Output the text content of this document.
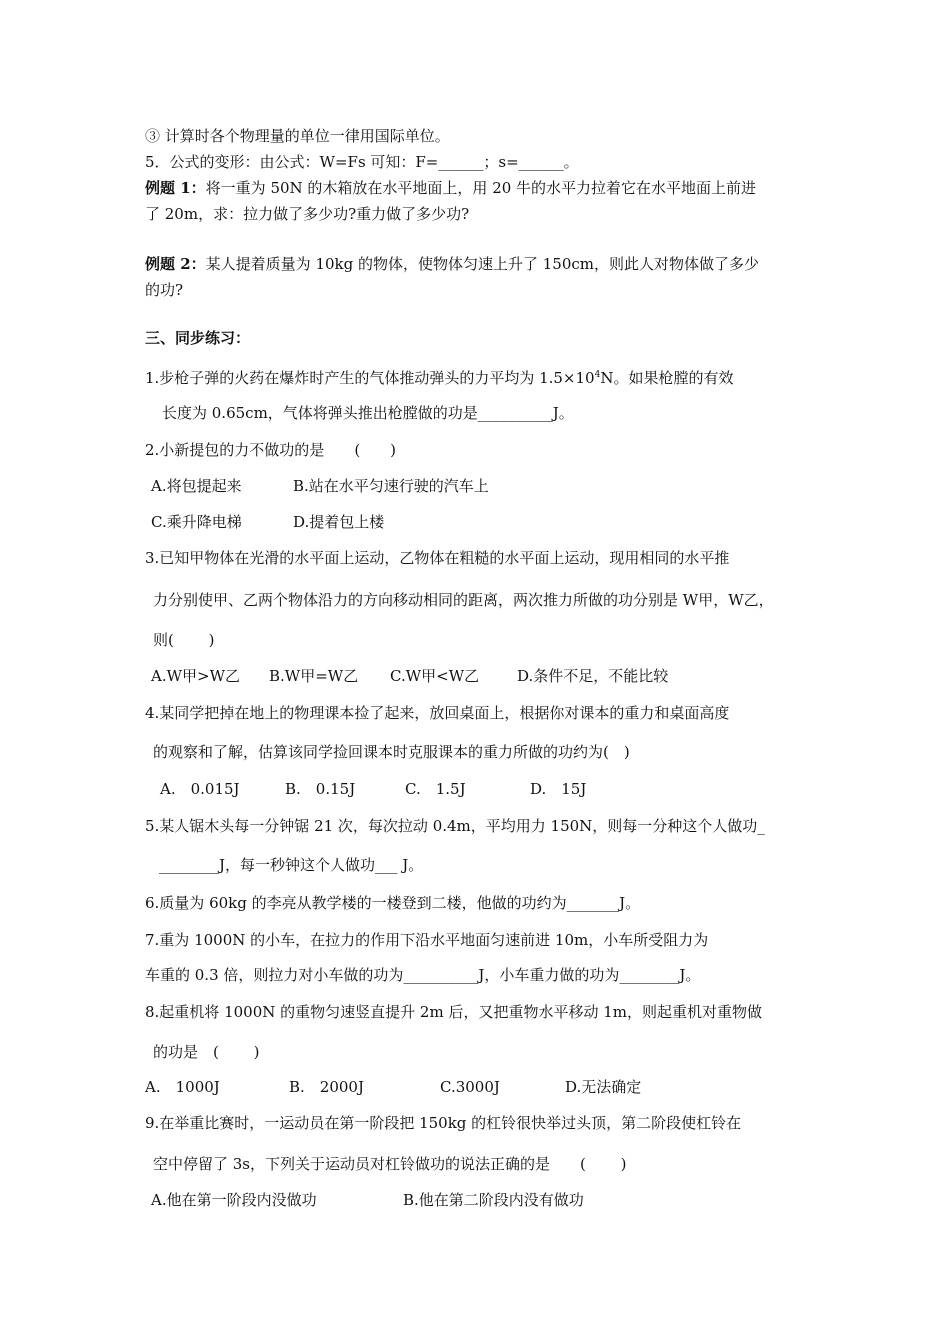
③ 计算时各个物理量的单位一律用国际单位。
5．公式的变形：由公式：W=Fs 可知：F=______；s=______。
例题 1：将一重为 50N 的木箱放在水平地面上，用 20 牛的水平力拉着它在水平地面上前进
了 20m，求：拉力做了多少功?重力做了多少功?
例题 2：某人提着质量为 10kg 的物体，使物体匀速上升了 150cm，则此人对物体做了多少
的功?
三、同步练习：
1.步枪子弹的火药在爆炸时产生的气体推动弹头的力平均为 $1.5\times 10^4N$。如果枪膛的有效
长度为 0.65cm，气体将弹头推出枪膛做的功是__________J。
2.小新提包的力不做功的是　　(　　)
A.将包提起来	B.站在水平匀速行驶的汽车上
C.乘升降电梯	D.提着包上楼
3.已知甲物体在光滑的水平面上运动，乙物体在粗糙的水平面上运动，现用相同的水平推
力分别使甲、乙两个物体沿力的方向移动相同的距离，两次推力所做的功分别是 W甲，W乙，
则(　　 )
A.W甲>W乙 B.W甲=W乙 C.W甲<W乙	D.条件不足，不能比较
4.某同学把掉在地上的物理课本捡了起来，放回桌面上，根据你对课本的重力和桌面高度
的观察和了解，估算该同学捡回课本时克服课本的重力所做的功约为(　)
A.　0.015J	B.　0.15J	C.　1.5J	D.　15J
5.某人锯木头每一分钟锯 21 次，每次拉动 0.4m，平均用力 150N，则每一分种这个人做功_
________J，每一秒钟这个人做功___ J。
6.质量为 60kg 的李亮从教学楼的一楼登到二楼，他做的功约为_______J。
7.重为 1000N 的小车，在拉力的作用下沿水平地面匀速前进 10m，小车所受阻力为
车重的 0.3 倍，则拉力对小车做的功为__________J，小车重力做的功为________J。
8.起重机将 1000N 的重物匀速竖直提升 2m 后，又把重物水平移动 1m，则起重机对重物做
的功是　(　　 )
A.　1000J	B.　2000J	C.3000J	D.无法确定
9.在举重比赛时，一运动员在第一阶段把 150kg 的杠铃很快举过头顶，第二阶段使杠铃在
空中停留了 3s，下列关于运动员对杠铃做功的说法正确的是　　(　　 )
A.他在第一阶段内没做功	B.他在第二阶段内没有做功
